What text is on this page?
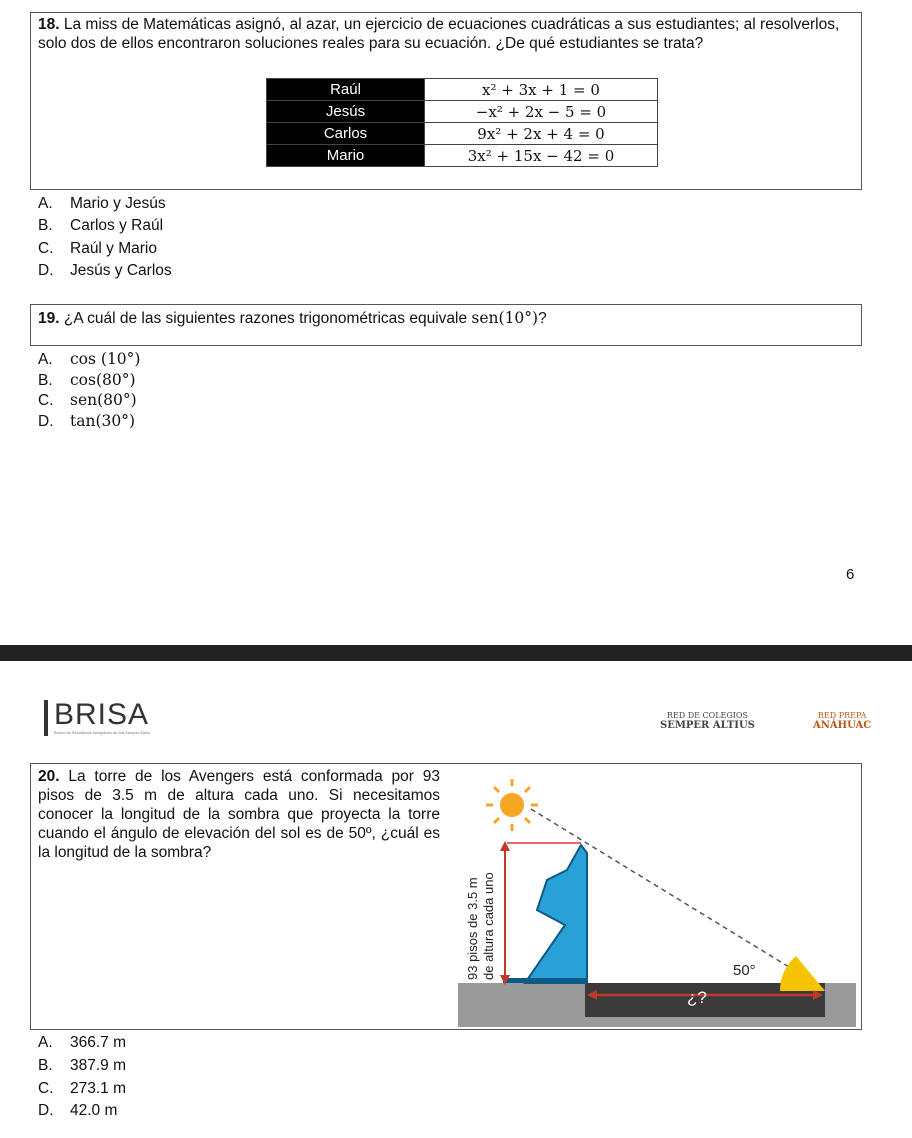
18. La miss de Matemáticas asignó, al azar, un ejercicio de ecuaciones cuadráticas a sus estudiantes; al resolverlos, solo dos de ellos encontraron soluciones reales para su ecuación. ¿De qué estudiantes se trata?
Raúl	x² + 3x + 1 = 0
Jesús	−x² + 2x − 5 = 0
Carlos	9x² + 2x + 4 = 0
Mario	3x² + 15x − 42 = 0
A. Mario y Jesús
B. Carlos y Raúl
C. Raúl y Mario
D. Jesús y Carlos
19. ¿A cuál de las siguientes razones trigonométricas equivale sen(10°)?
A. cos (10°)
B. cos(80°)
C. sen(80°)
D. tan(30°)
6
BRISA
Bosco de Resultados Integrados de Ala Semper Altius
RED DE COLEGIOS
SEMPER ALTIUS
RED PREPA
ANÁHUAC
20. La torre de los Avengers está conformada por 93 pisos de 3.5 m de altura cada uno. Si necesitamos conocer la longitud de la sombra que proyecta la torre cuando el ángulo de elevación del sol es de 50º, ¿cuál es la longitud de la sombra?
93 pisos de 3.5 m de altura cada uno	50°
¿?
A. 366.7 m
B. 387.9 m
C. 273.1 m
D. 42.0 m
